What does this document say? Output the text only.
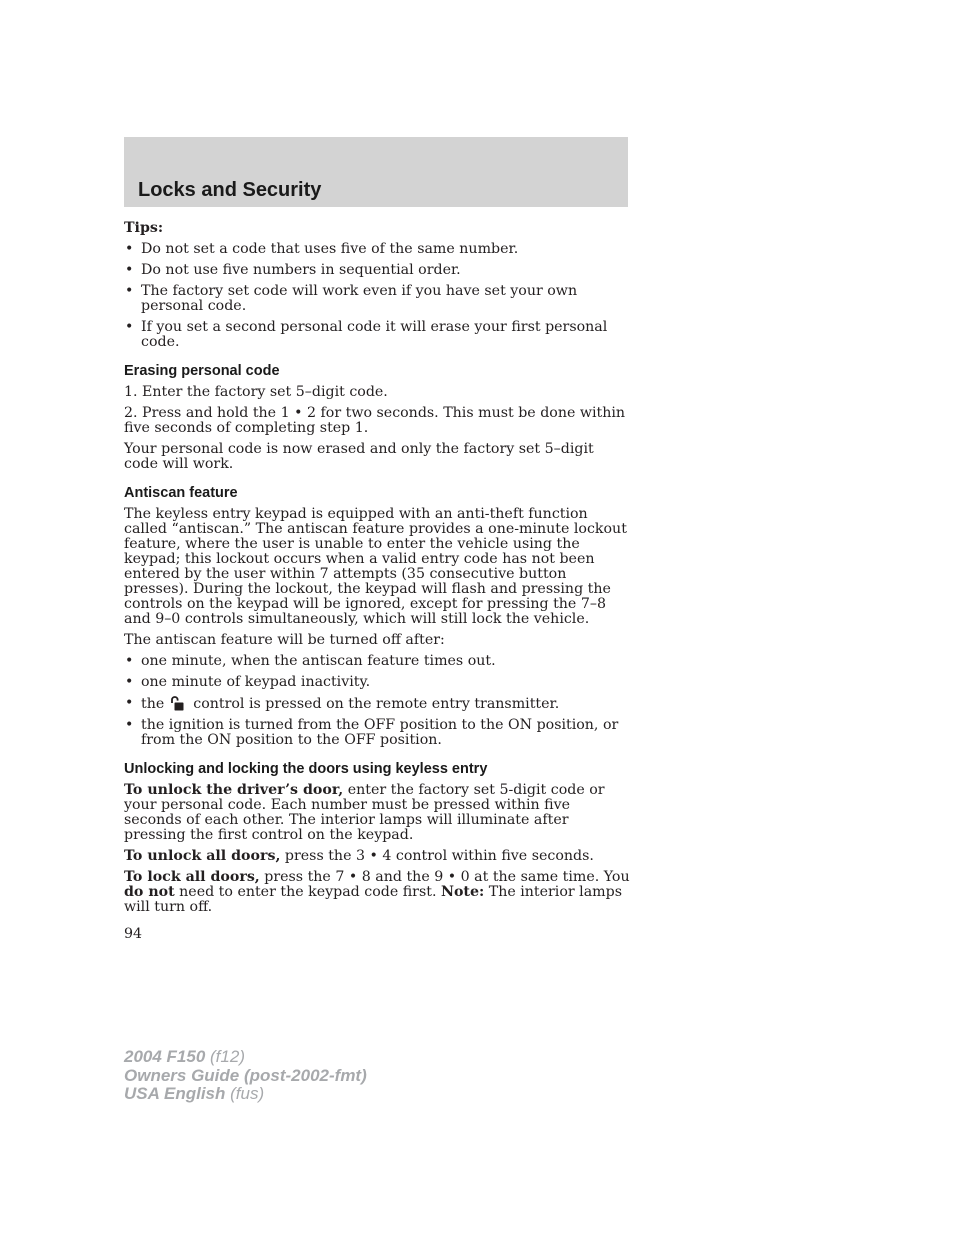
Locks and Security
Tips:
• Do not set a code that uses five of the same number.
• Do not use five numbers in sequential order.
• The factory set code will work even if you have set your own personal code.
• If you set a second personal code it will erase your first personal code.
Erasing personal code

1. Enter the factory set 5–digit code.

2. Press and hold the 1 • 2 for two seconds. This must be done within five seconds of completing step 1.

Your personal code is now erased and only the factory set 5–digit code will work.

Antiscan feature

The keyless entry keypad is equipped with an anti-theft function called “antiscan.” The antiscan feature provides a one-minute lockout feature, where the user is unable to enter the vehicle using the keypad; this lockout occurs when a valid entry code has not been entered by the user within 7 attempts (35 consecutive button presses). During the lockout, the keypad will flash and pressing the controls on the keypad will be ignored, except for pressing the 7–8 and 9–0 controls simultaneously, which will still lock the vehicle.

The antiscan feature will be turned off after:

• one minute, when the antiscan feature times out.
• one minute of keypad inactivity.
• the control is pressed on the remote entry transmitter.
• the ignition is turned from the OFF position to the ON position, or from the ON position to the OFF position.
Unlocking and locking the doors using keyless entry

To unlock the driver’s door, enter the factory set 5-digit code or your personal code. Each number must be pressed within five seconds of each other. The interior lamps will illuminate after pressing the first control on the keypad.

To unlock all doors, press the 3 • 4 control within five seconds.

To lock all doors, press the 7 • 8 and the 9 • 0 at the same time. You do not need to enter the keypad code first. Note: The interior lamps will turn off.

94
2004 F150 (f12)
Owners Guide (post-2002-fmt)
USA English (fus)
